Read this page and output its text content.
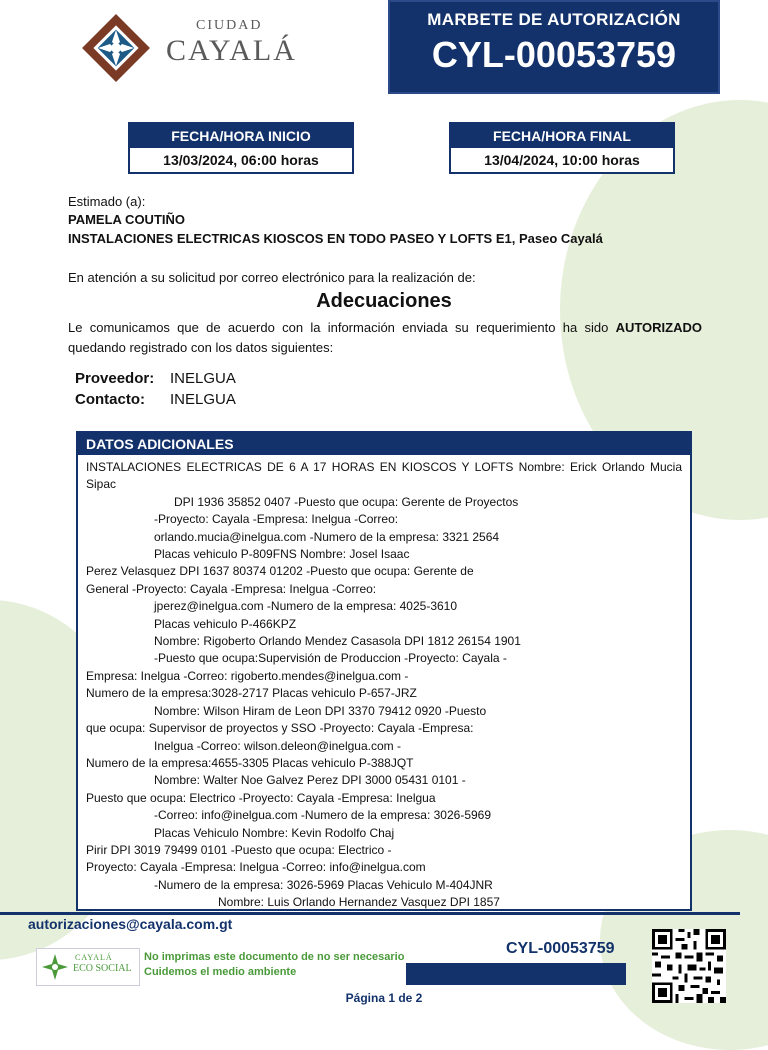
CIUDAD
CAYALÁ
MARBETE DE AUTORIZACIÓN
CYL-00053759
FECHA/HORA INICIO
13/03/2024, 06:00 horas
FECHA/HORA FINAL
13/04/2024, 10:00 horas
Estimado (a):
PAMELA COUTIÑO
INSTALACIONES ELECTRICAS KIOSCOS EN TODO PASEO Y LOFTS E1, Paseo Cayalá
En atención a su solicitud por correo electrónico para la realización de:
Adecuaciones
Le comunicamos que de acuerdo con la información enviada su requerimiento ha sido AUTORIZADO quedando registrado con los datos siguientes:
Proveedor: INELGUA
Contacto: INELGUA
DATOS ADICIONALES
INSTALACIONES ELECTRICAS DE 6 A 17 HORAS EN KIOSCOS Y LOFTS Nombre: Erick Orlando Mucia Sipac
DPI 1936 35852 0407 -Puesto que ocupa: Gerente de Proyectos
-Proyecto: Cayala -Empresa: Inelgua -Correo:
orlando.mucia@inelgua.com -Numero de la empresa: 3321 2564
Placas vehiculo P-809FNS Nombre: Josel Isaac
Perez Velasquez DPI 1637 80374 01202 -Puesto que ocupa: Gerente de
General -Proyecto: Cayala -Empresa: Inelgua -Correo:
jperez@inelgua.com -Numero de la empresa: 4025-3610
Placas vehiculo P-466KPZ
Nombre: Rigoberto Orlando Mendez Casasola DPI 1812 26154 1901
-Puesto que ocupa:Supervisión de Produccion -Proyecto: Cayala -
Empresa: Inelgua -Correo: rigoberto.mendes@inelgua.com -
Numero de la empresa:3028-2717 Placas vehiculo P-657-JRZ
Nombre: Wilson Hiram de Leon DPI 3370 79412 0920 -Puesto
que ocupa: Supervisor de proyectos y SSO -Proyecto: Cayala -Empresa:
Inelgua -Correo: wilson.deleon@inelgua.com -
Numero de la empresa:4655-3305 Placas vehiculo P-388JQT
Nombre: Walter Noe Galvez Perez DPI 3000 05431 0101 -
Puesto que ocupa: Electrico -Proyecto: Cayala -Empresa: Inelgua
-Correo: info@inelgua.com -Numero de la empresa: 3026-5969
Placas Vehiculo Nombre: Kevin Rodolfo Chaj
Pirir DPI 3019 79499 0101 -Puesto que ocupa: Electrico -
Proyecto: Cayala -Empresa: Inelgua -Correo: info@inelgua.com
-Numero de la empresa: 3026-5969 Placas Vehiculo M-404JNR
Nombre: Luis Orlando Hernandez Vasquez DPI 1857
autorizaciones@cayala.com.gt
CYL-00053759
CAYALÁ
ECO SOCIAL
No imprimas este documento de no ser necesario
Cuidemos el medio ambiente
Página 1 de 2
